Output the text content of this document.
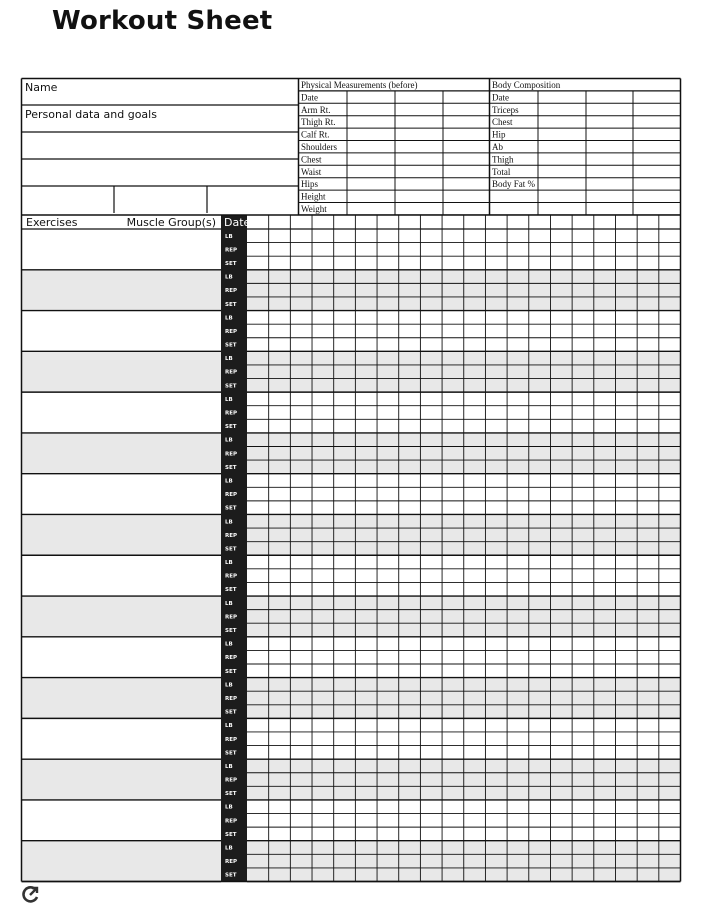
Workout Sheet
Name
Personal data and goals
Physical Measurements (before)	Body Composition
Date
Arm Rt.
Thigh Rt.
Calf Rt.
Shoulders
Chest
Waist
Hips
Height
Weight
Date
Triceps
Chest
Hip
Ab
Thigh
Total
Body Fat %
Exercises	Muscle Group(s) Date
LB
REP
SET
LB
REP
SET
LB
REP
SET
LB
REP
SET
LB
REP
SET
LB
REP
SET
LB
REP
SET
LB
REP
SET
LB
REP
SET
LB
REP
SET
LB
REP
SET
LB
REP
SET
LB
REP
SET
LB
REP
SET
LB
REP
SET
LB
REP
SET
